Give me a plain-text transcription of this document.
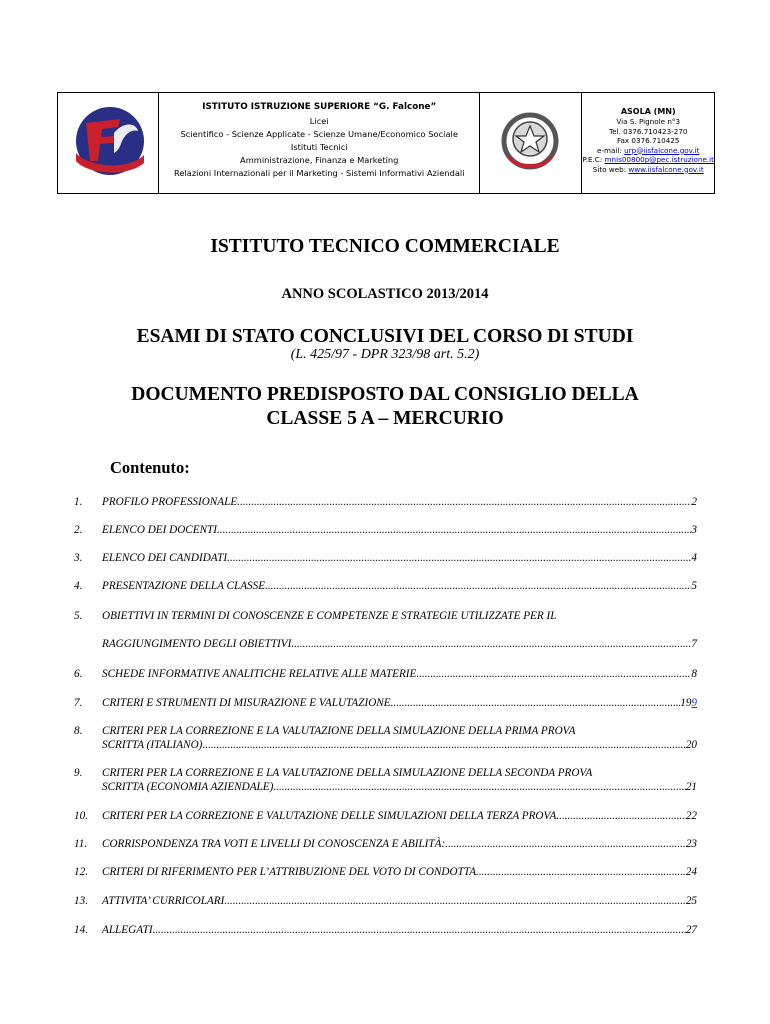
ISTITUTO ISTRUZIONE SUPERIORE “G. Falcone”
Licei
Scientifico - Scienze Applicate - Scienze Umane/Economico Sociale
Istituti Tecnici
Amministrazione, Finanza e Marketing
Relazioni Internazionali per il Marketing - Sistemi Informativi Aziendali
ASOLA (MN)
Via S. Pignole n°3
Tel. 0376.710423-270
Fax 0376.710425
e-mail: urp@iisfalcone.gov.it
P.E.C: mnis00800p@pec.istruzione.it
Sito web: www.iisfalcone.gov.it
ISTITUTO TECNICO COMMERCIALE
ANNO SCOLASTICO 2013/2014
ESAMI DI STATO CONCLUSIVI DEL CORSO DI STUDI
(L. 425/97 - DPR 323/98 art. 5.2)
DOCUMENTO PREDISPOSTO DAL CONSIGLIO DELLA
CLASSE 5 A – MERCURIO
Contenuto:
1. PROFILO PROFESSIONALE .....	2
2. ELENCO DEI DOCENTI .....	3
3. ELENCO DEI CANDIDATI .....	4
4. PRESENTAZIONE DELLA CLASSE .....	5
5. OBIETTIVI IN TERMINI DI CONOSCENZE E COMPETENZE E STRATEGIE UTILIZZATE PER IL
RAGGIUNGIMENTO DEGLI OBIETTIVI .....	7
6. SCHEDE INFORMATIVE ANALITICHE RELATIVE ALLE MATERIE .....	8
7. CRITERI E STRUMENTI DI MISURAZIONE E VALUTAZIONE .....	19 9
8. CRITERI PER LA CORREZIONE E LA VALUTAZIONE DELLA SIMULAZIONE DELLA PRIMA PROVA
SCRITTA (ITALIANO) .....	20
9. CRITERI PER LA CORREZIONE E LA VALUTAZIONE DELLA SIMULAZIONE DELLA SECONDA PROVA
SCRITTA (ECONOMIA AZIENDALE) .....	21
10. CRITERI PER LA CORREZIONE E VALUTAZIONE DELLE SIMULAZIONI DELLA TERZA PROVA .....	22
11. CORRISPONDENZA TRA VOTI E LIVELLI DI CONOSCENZA E ABILITÀ: .....	23
12. CRITERI DI RIFERIMENTO PER L’ATTRIBUZIONE DEL VOTO DI CONDOTTA .....	24
13. ATTIVITA’ CURRICOLARI .....	25
14. ALLEGATI .....	27
